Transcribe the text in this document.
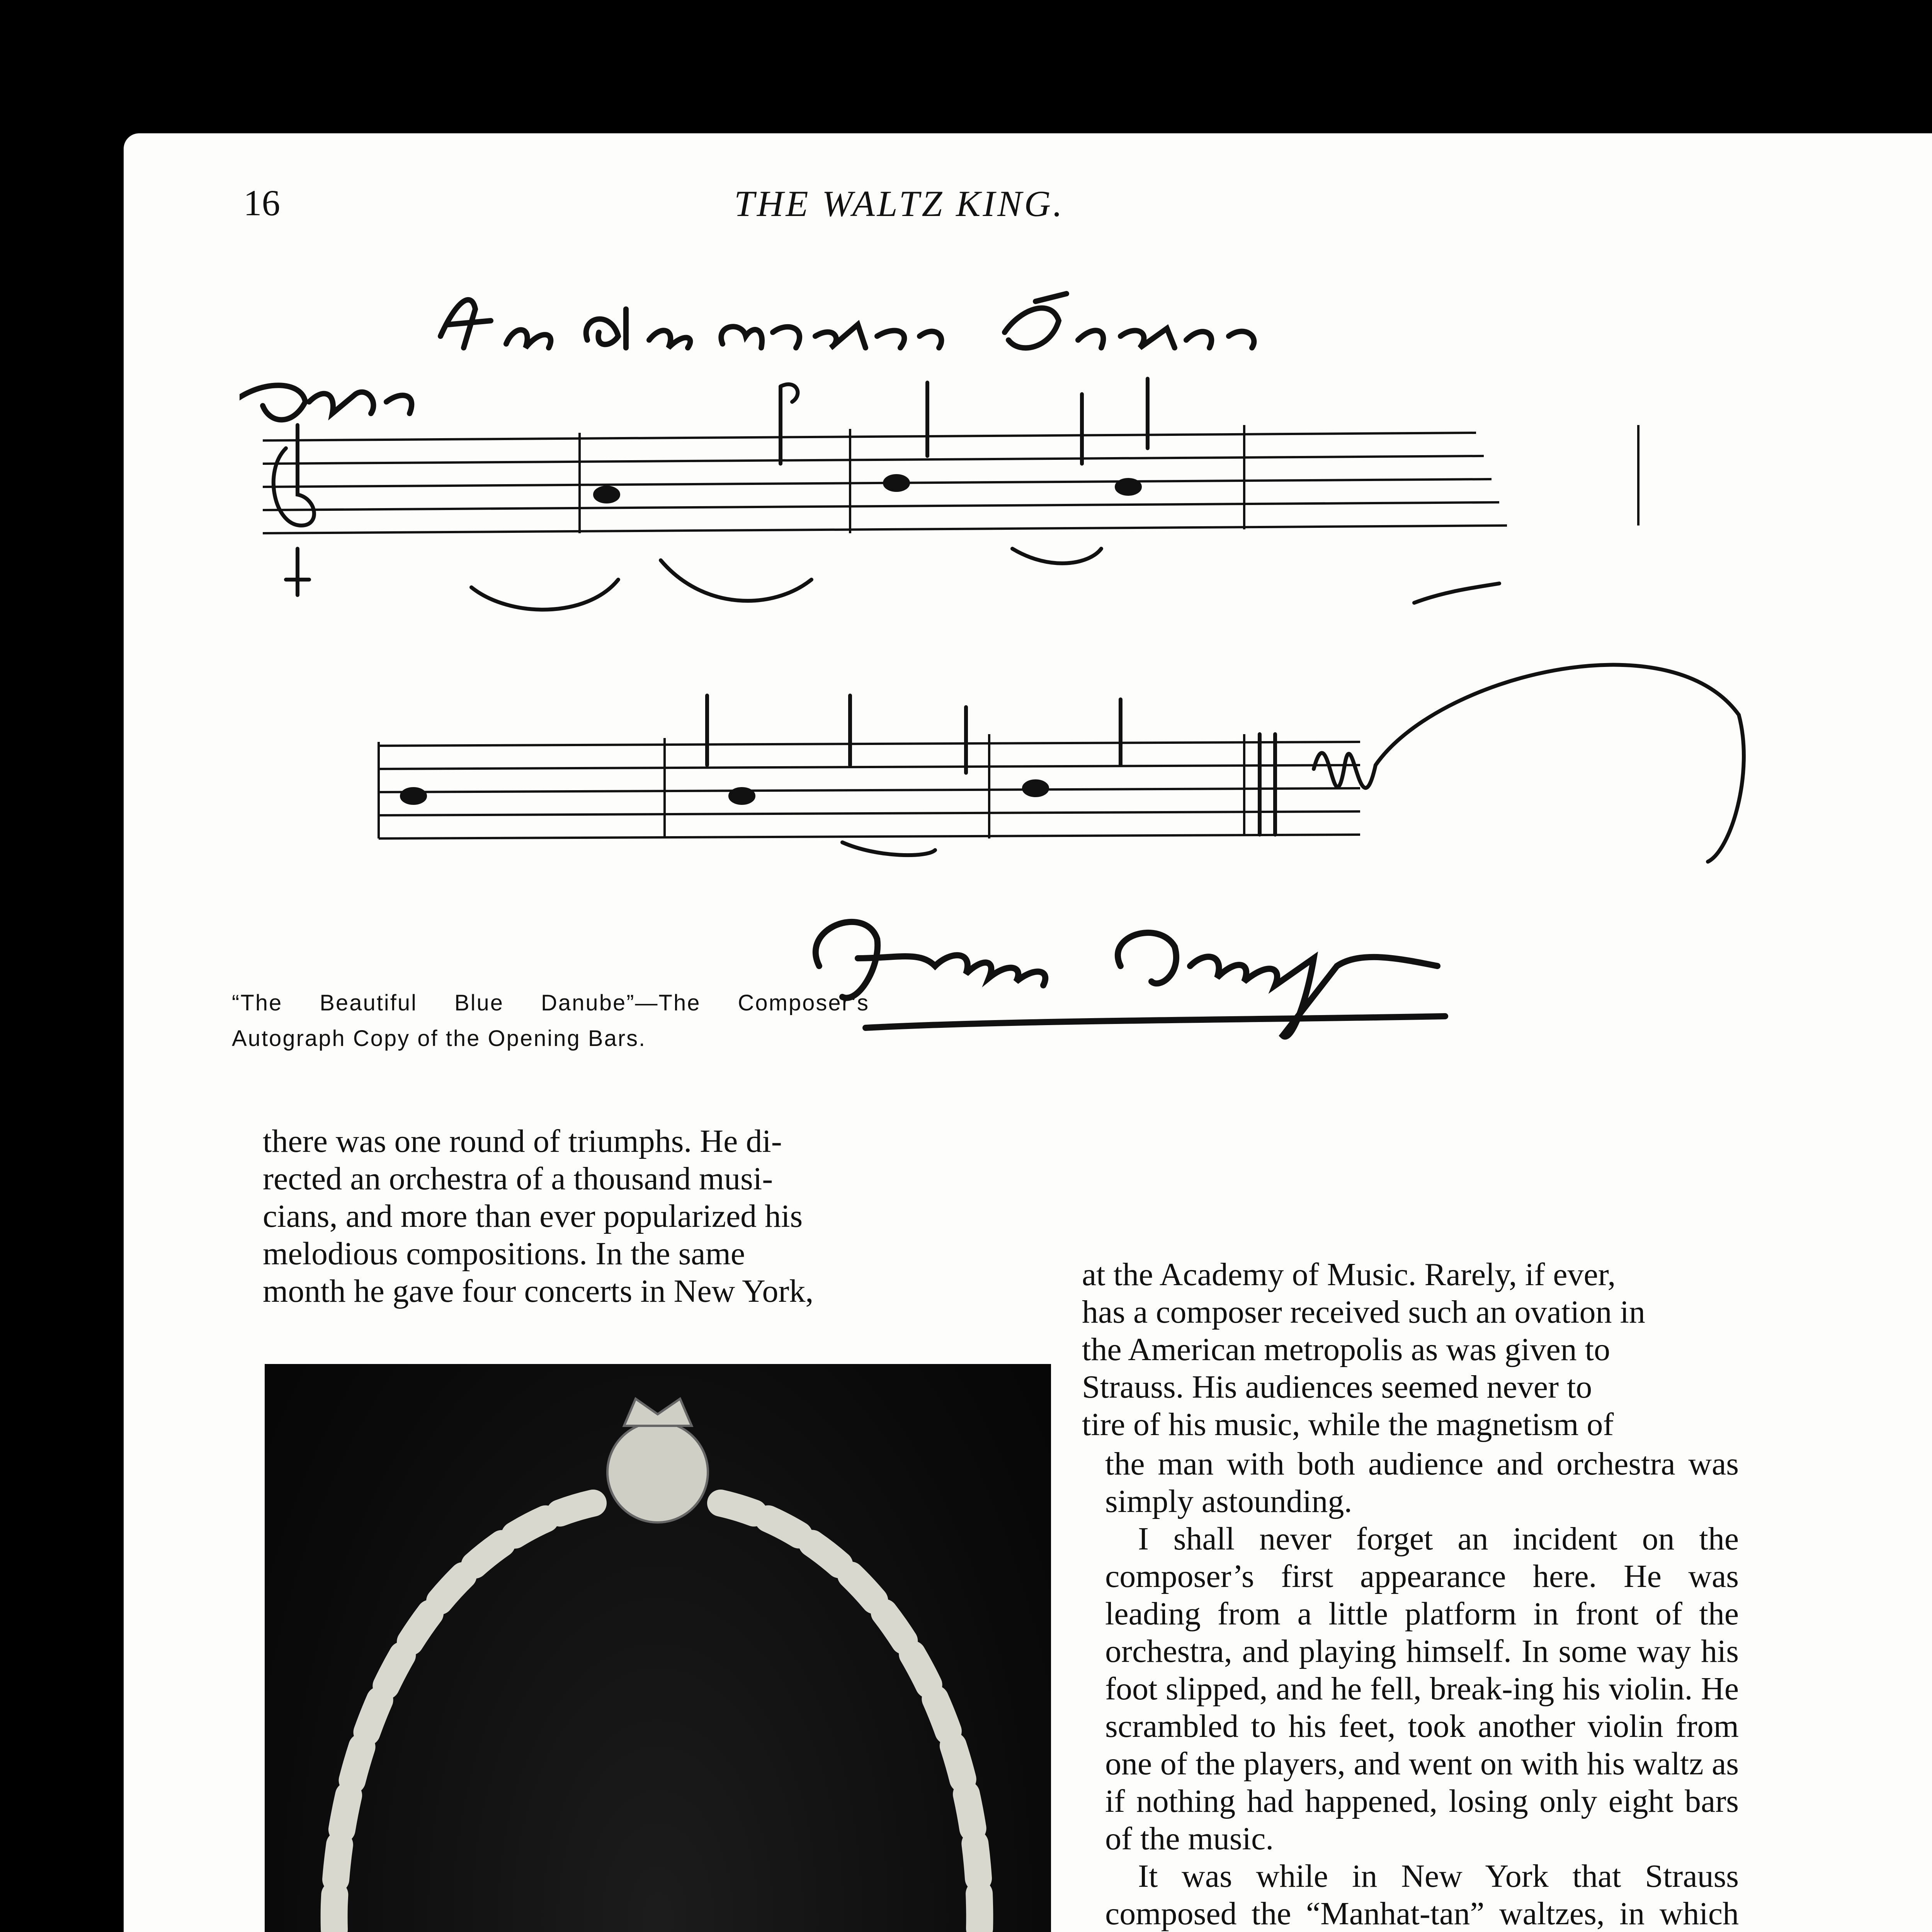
16	THE WALTZ KING.
“The Beautiful Blue Danube”—The Composer’s Autograph Copy of the Opening Bars.

there was one round of triumphs. He di-

rected an orchestra of a thousand musi-

cians, and more than ever popularized his

melodious compositions. In the same

month he gave four concerts in New York,	at the Academy of Music. Rarely, if ever,

has a composer received such an ovation in

the American metropolis as was given to

Strauss. His audiences seemed never to

tire of his music, while the magnetism of

the man with both audience and orchestra was simply astounding.

I shall never forget an incident on the composer’s first appearance here. He was leading from a little platform in front of the orchestra, and playing himself. In some way his foot slipped, and he fell, break-ing his violin. He scrambled to his feet, took another violin from one of the players, and went on with his waltz as if nothing had happened, losing only eight bars of the music.

It was while in New York that Strauss composed the “Manhat-tan” waltzes, in which
